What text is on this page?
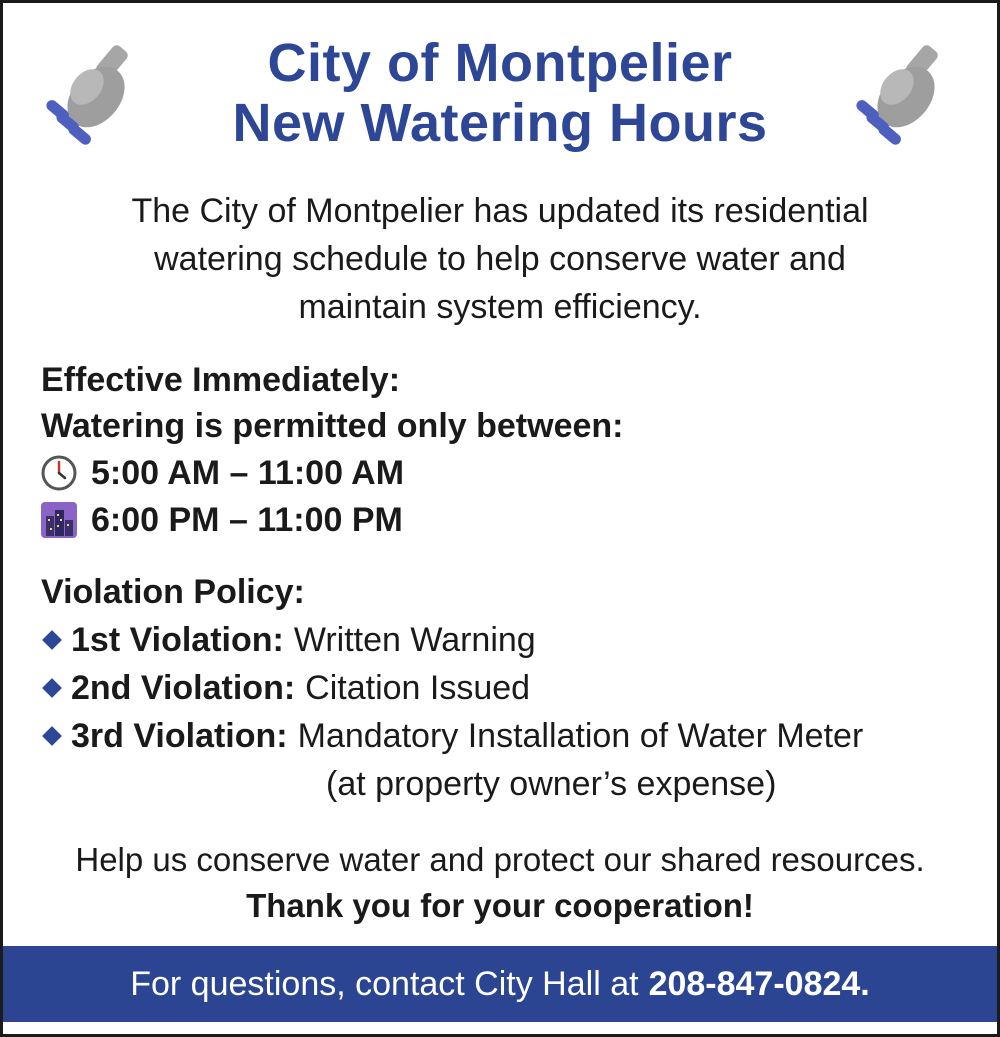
City of Montpelier
New Watering Hours
The City of Montpelier has updated its residential
watering schedule to help conserve water and
maintain system efficiency.
Effective Immediately:
Watering is permitted only between:
5:00 AM – 11:00 AM
6:00 PM – 11:00 PM
Violation Policy:
1st Violation: Written Warning
2nd Violation: Citation Issued
3rd Violation: Mandatory Installation of Water Meter
(at property owner’s expense)
Help us conserve water and protect our shared resources.
Thank you for your cooperation!
For questions, contact City Hall at 208-847-0824.
